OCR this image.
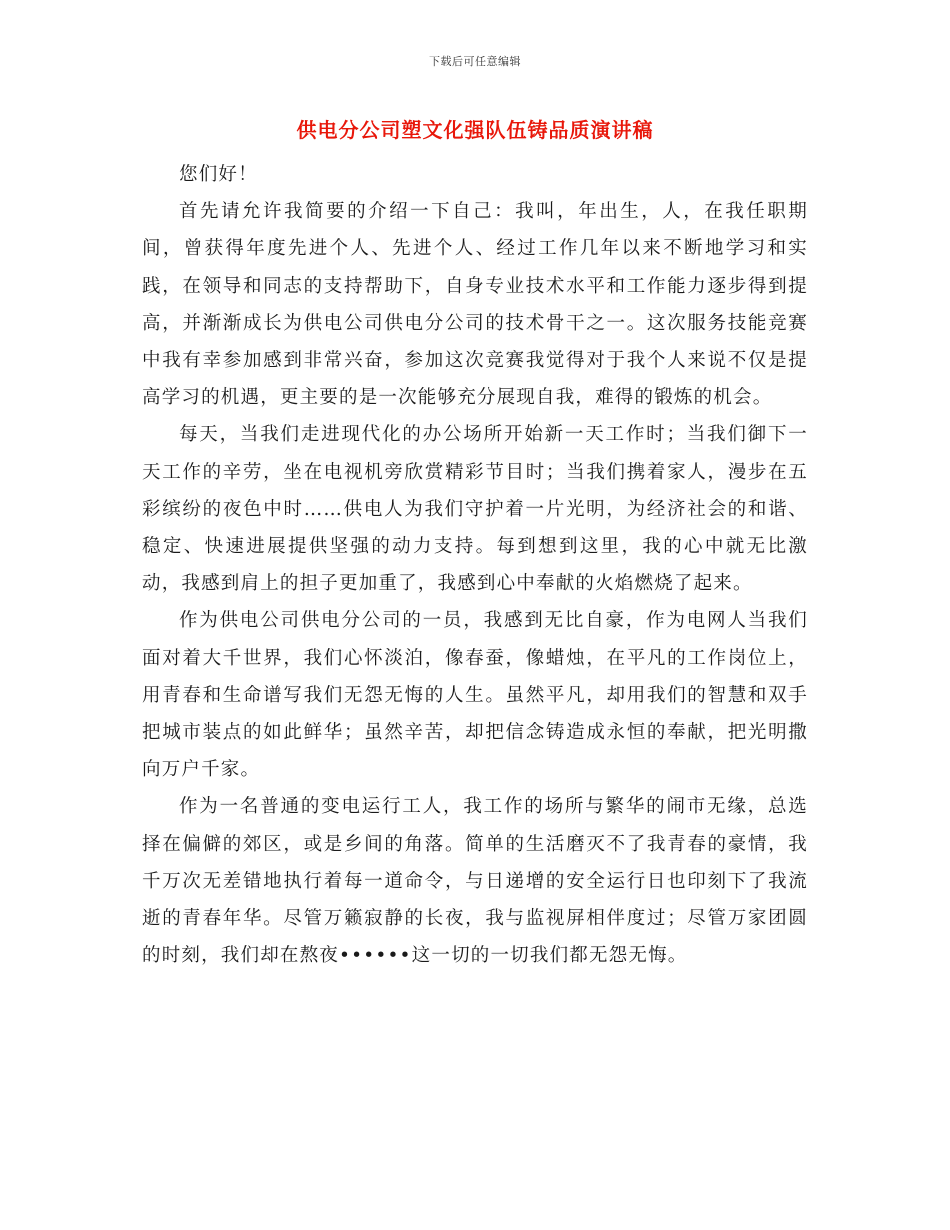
下载后可任意编辑
供电分公司塑文化强队伍铸品质演讲稿

您们好！

首先请允许我简要的介绍一下自己：我叫，年出生，人，在我任职期间，曾获得年度先进个人、先进个人、经过工作几年以来不断地学习和实践，在领导和同志的支持帮助下，自身专业技术水平和工作能力逐步得到提高，并渐渐成长为供电公司供电分公司的技术骨干之一。这次服务技能竞赛中我有幸参加感到非常兴奋，参加这次竞赛我觉得对于我个人来说不仅是提高学习的机遇，更主要的是一次能够充分展现自我，难得的锻炼的机会。

每天，当我们走进现代化的办公场所开始新一天工作时；当我们御下一天工作的辛劳，坐在电视机旁欣赏精彩节目时；当我们携着家人，漫步在五彩缤纷的夜色中时……供电人为我们守护着一片光明，为经济社会的和谐、稳定、快速进展提供坚强的动力支持。每到想到这里，我的心中就无比激动，我感到肩上的担子更加重了，我感到心中奉献的火焰燃烧了起来。

作为供电公司供电分公司的一员，我感到无比自豪，作为电网人当我们面对着大千世界，我们心怀淡泊，像春蚕，像蜡烛，在平凡的工作岗位上，用青春和生命谱写我们无怨无悔的人生。虽然平凡，却用我们的智慧和双手把城市装点的如此鲜华；虽然辛苦，却把信念铸造成永恒的奉献，把光明撒向万户千家。

作为一名普通的变电运行工人，我工作的场所与繁华的闹市无缘，总选择在偏僻的郊区，或是乡间的角落。简单的生活磨灭不了我青春的豪情，我千万次无差错地执行着每一道命令，与日递增的安全运行日也印刻下了我流逝的青春年华。尽管万籁寂静的长夜，我与监视屏相伴度过；尽管万家团圆的时刻，我们却在熬夜••••••这一切的一切我们都无怨无悔。
